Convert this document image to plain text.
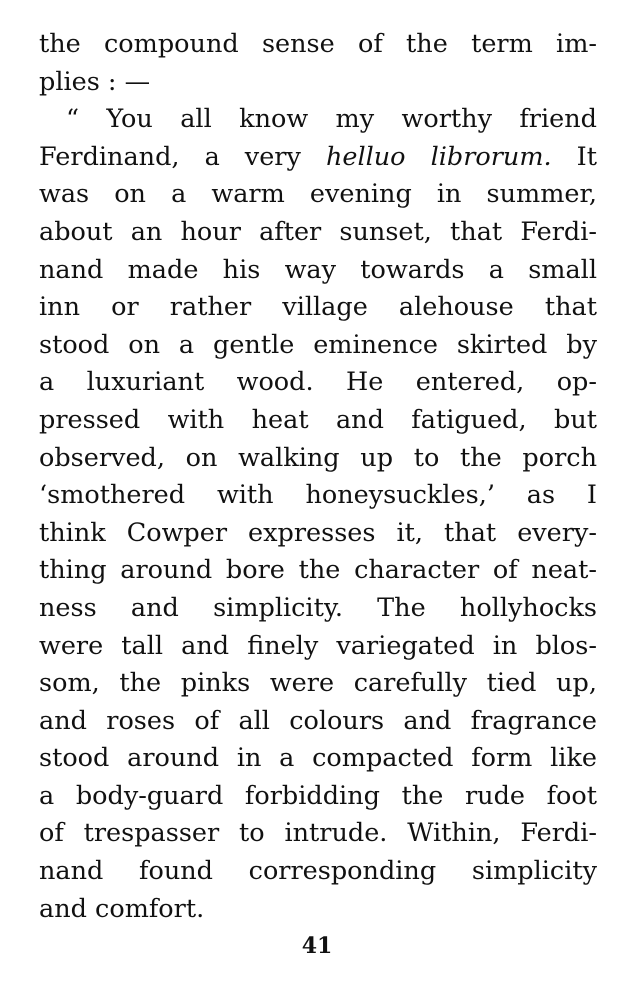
the compound sense of the term im-
plies : —
“ You all know my worthy friend
Ferdinand, a very helluo librorum. It
was on a warm evening in summer,
about an hour after sunset, that Ferdi-
nand made his way towards a small
inn or rather village alehouse that
stood on a gentle eminence skirted by
a luxuriant wood. He entered, op-
pressed with heat and fatigued, but
observed, on walking up to the porch
‘smothered with honeysuckles,’ as I
think Cowper expresses it, that every-
thing around bore the character of neat-
ness and simplicity. The hollyhocks
were tall and finely variegated in blos-
som, the pinks were carefully tied up,
and roses of all colours and fragrance
stood around in a compacted form like
a body-guard forbidding the rude foot
of trespasser to intrude. Within, Ferdi-
nand found corresponding simplicity
and comfort.
41
